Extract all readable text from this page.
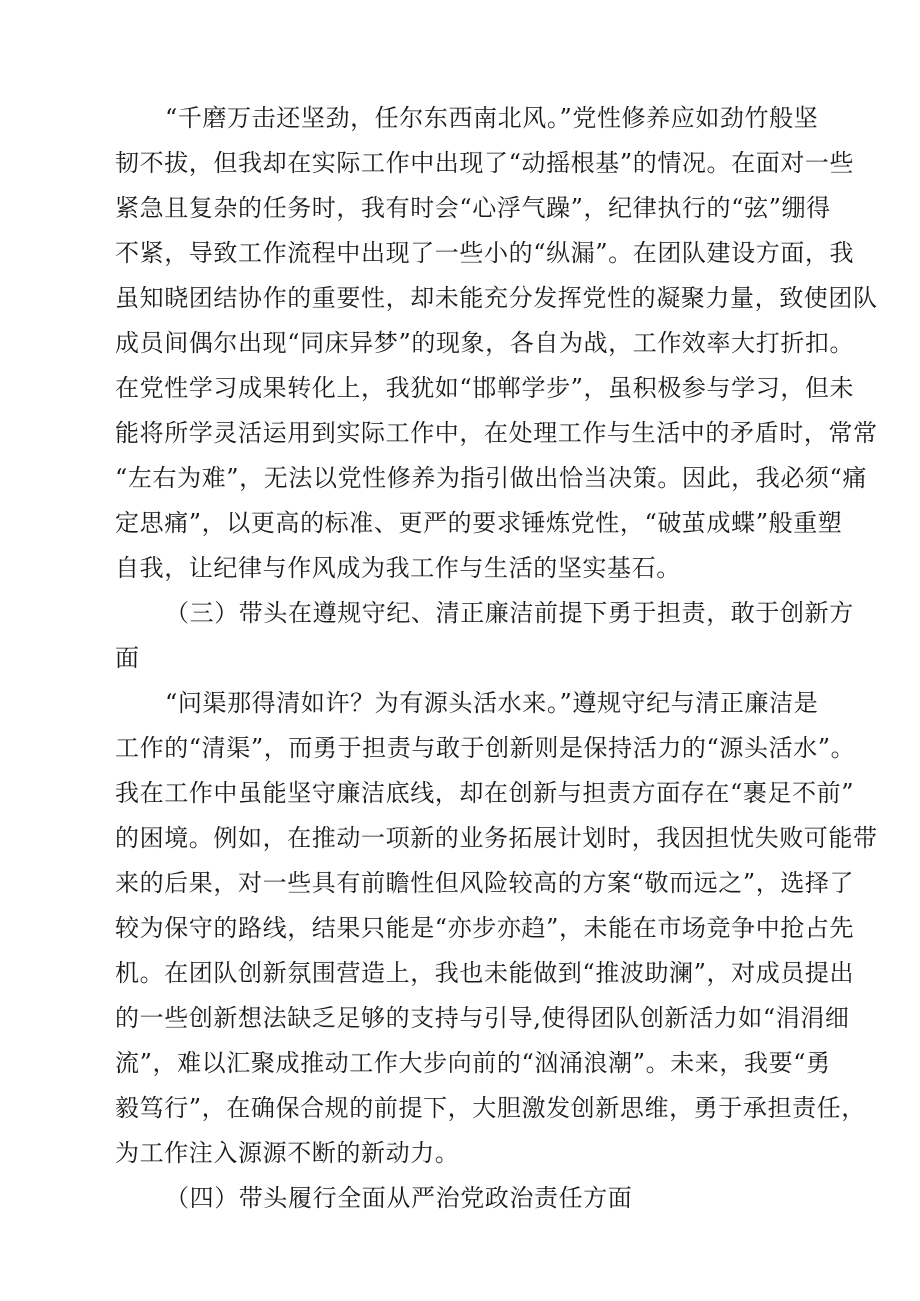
“千磨万击还坚劲，任尔东西南北风。”党性修养应如劲竹般坚
韧不拔，但我却在实际工作中出现了“动摇根基”的情况。在面对一些
紧急且复杂的任务时，我有时会“心浮气躁”，纪律执行的“弦”绷得
不紧，导致工作流程中出现了一些小的“纵漏”。在团队建设方面，我
虽知晓团结协作的重要性，却未能充分发挥党性的凝聚力量，致使团队
成员间偶尔出现“同床异梦”的现象，各自为战，工作效率大打折扣。
在党性学习成果转化上，我犹如“邯郸学步”，虽积极参与学习，但未
能将所学灵活运用到实际工作中，在处理工作与生活中的矛盾时，常常
“左右为难”，无法以党性修养为指引做出恰当决策。因此，我必须“痛
定思痛”，以更高的标准、更严的要求锤炼党性，“破茧成蝶”般重塑
自我，让纪律与作风成为我工作与生活的坚实基石。
（三）带头在遵规守纪、清正廉洁前提下勇于担责，敢于创新方
面
“问渠那得清如许？为有源头活水来。”遵规守纪与清正廉洁是
工作的“清渠”，而勇于担责与敢于创新则是保持活力的“源头活水”。
我在工作中虽能坚守廉洁底线，却在创新与担责方面存在“裹足不前”
的困境。例如，在推动一项新的业务拓展计划时，我因担忧失败可能带
来的后果，对一些具有前瞻性但风险较高的方案“敬而远之”，选择了
较为保守的路线，结果只能是“亦步亦趋”，未能在市场竞争中抢占先
机。在团队创新氛围营造上，我也未能做到“推波助澜”，对成员提出
的一些创新想法缺乏足够的支持与引导,使得团队创新活力如“涓涓细
流”，难以汇聚成推动工作大步向前的“汹涌浪潮”。未来，我要“勇
毅笃行”，在确保合规的前提下，大胆激发创新思维，勇于承担责任，
为工作注入源源不断的新动力。
（四）带头履行全面从严治党政治责任方面
